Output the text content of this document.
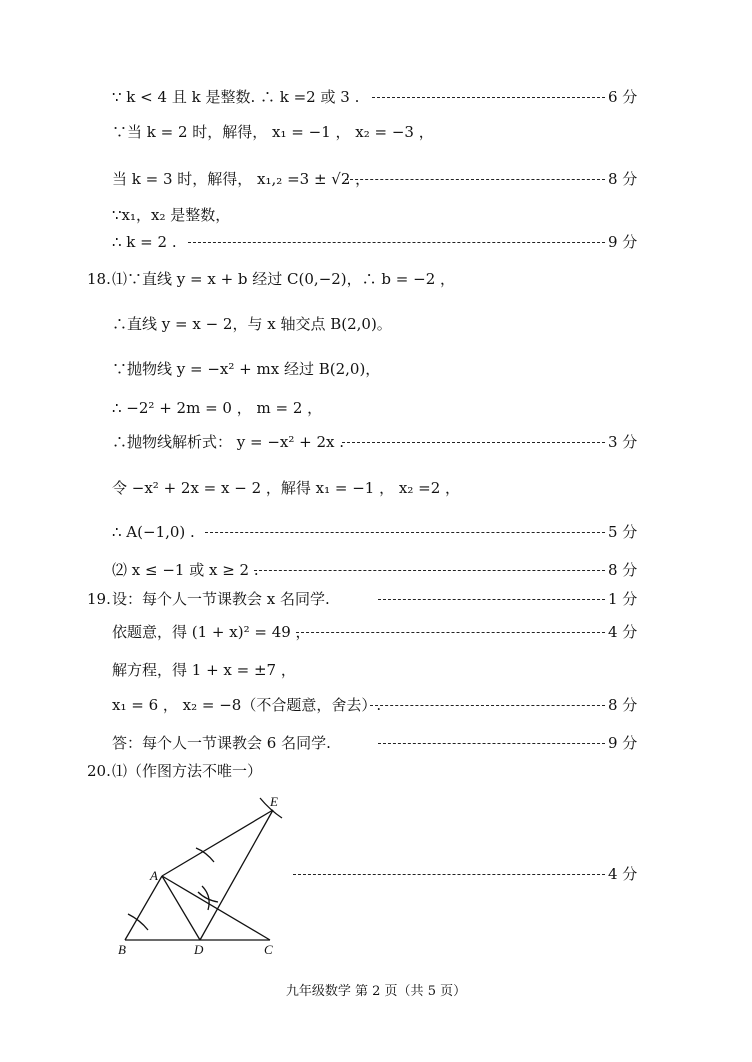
∵ k < 4 且 k 是整数. ∴ k =2 或 3 .	6 分
∵当 k = 2 时，解得， x₁ = −1 ， x₂ = −3 ，
当 k = 3 时，解得， x₁,₂ =3 ± √2 ，	8 分
∵x₁，x₂ 是整数，
∴ k = 2 .	9 分
18. ⑴∵直线 y = x + b 经过 C(0,−2)，∴ b = −2 ，
∴直线 y = x − 2，与 x 轴交点 B(2,0)。
∵抛物线 y = −x² + mx 经过 B(2,0)，
∴ −2² + 2m = 0 ， m = 2 ，
∴抛物线解析式： y = −x² + 2x .	3 分
令 −x² + 2x = x − 2 ，解得 x₁ = −1 ， x₂ =2 ，
∴ A(−1,0) .	5 分
⑵ x ≤ −1 或 x ≥ 2 .	8 分
19. 设：每个人一节课教会 x 名同学.	1 分
依题意，得 (1 + x)² = 49 ，	4 分
解方程，得 1 + x = ±7 ，
x₁ = 6 ， x₂ = −8（不合题意，舍去）.	8 分
答：每个人一节课教会 6 名同学.	9 分
20. ⑴（作图方法不唯一）
4 分
A
B	C
D
E
九年级数学 第 2 页（共 5 页）
